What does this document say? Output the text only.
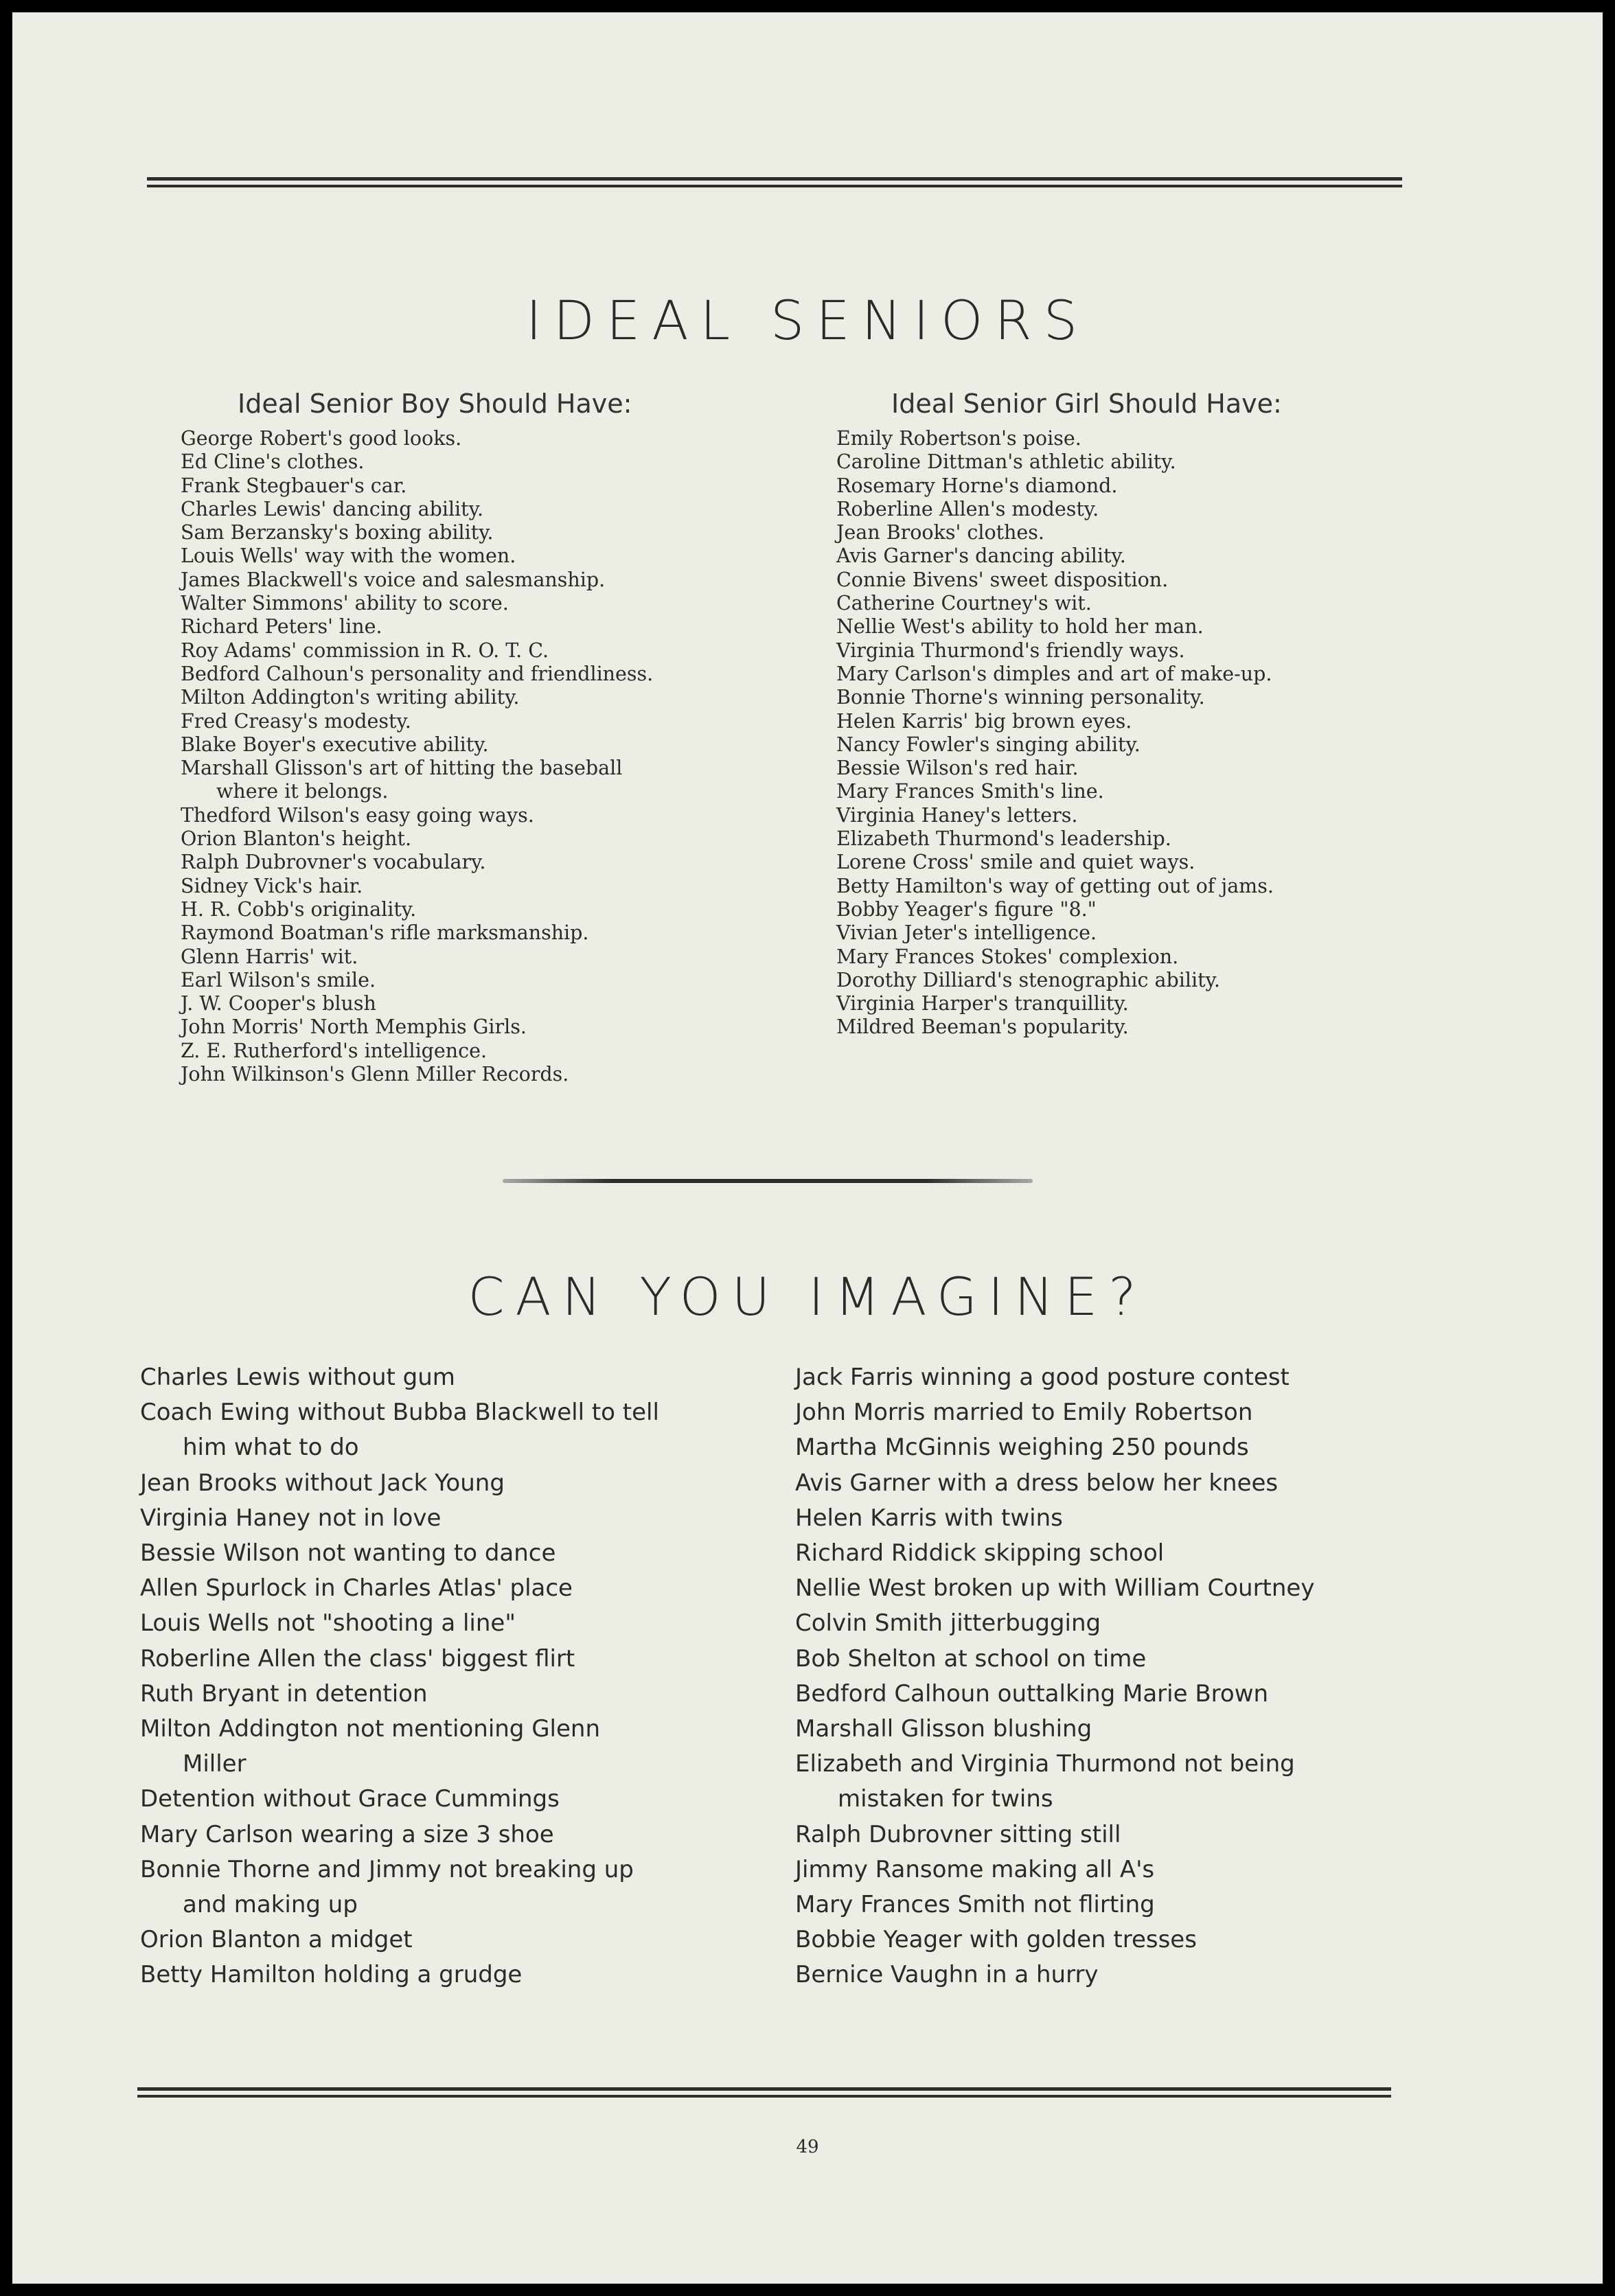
IDEAL SENIORS

Ideal Senior Boy Should Have:	Ideal Senior Girl Should Have:

George Robert's good looks.
Ed Cline's clothes.
Frank Stegbauer's car.
Charles Lewis' dancing ability.
Sam Berzansky's boxing ability.
Louis Wells' way with the women.
James Blackwell's voice and salesmanship.
Walter Simmons' ability to score.
Richard Peters' line.
Roy Adams' commission in R. O. T. C.
Bedford Calhoun's personality and friendliness.
Milton Addington's writing ability.
Fred Creasy's modesty.
Blake Boyer's executive ability.
Marshall Glisson's art of hitting the baseball
where it belongs.
Thedford Wilson's easy going ways.
Orion Blanton's height.
Ralph Dubrovner's vocabulary.
Sidney Vick's hair.
H. R. Cobb's originality.
Raymond Boatman's rifle marksmanship.
Glenn Harris' wit.
Earl Wilson's smile.
J. W. Cooper's blush
John Morris' North Memphis Girls.
Z. E. Rutherford's intelligence.
John Wilkinson's Glenn Miller Records.
Emily Robertson's poise.
Caroline Dittman's athletic ability.
Rosemary Horne's diamond.
Roberline Allen's modesty.
Jean Brooks' clothes.
Avis Garner's dancing ability.
Connie Bivens' sweet disposition.
Catherine Courtney's wit.
Nellie West's ability to hold her man.
Virginia Thurmond's friendly ways.
Mary Carlson's dimples and art of make-up.
Bonnie Thorne's winning personality.
Helen Karris' big brown eyes.
Nancy Fowler's singing ability.
Bessie Wilson's red hair.
Mary Frances Smith's line.
Virginia Haney's letters.
Elizabeth Thurmond's leadership.
Lorene Cross' smile and quiet ways.
Betty Hamilton's way of getting out of jams.
Bobby Yeager's figure "8."
Vivian Jeter's intelligence.
Mary Frances Stokes' complexion.
Dorothy Dilliard's stenographic ability.
Virginia Harper's tranquillity.
Mildred Beeman's popularity.
CAN YOU IMAGINE?
Charles Lewis without gum
Coach Ewing without Bubba Blackwell to tell
him what to do
Jean Brooks without Jack Young
Virginia Haney not in love
Bessie Wilson not wanting to dance
Allen Spurlock in Charles Atlas' place
Louis Wells not "shooting a line"
Roberline Allen the class' biggest flirt
Ruth Bryant in detention
Milton Addington not mentioning Glenn
Miller
Detention without Grace Cummings
Mary Carlson wearing a size 3 shoe
Bonnie Thorne and Jimmy not breaking up
and making up
Orion Blanton a midget
Betty Hamilton holding a grudge
Jack Farris winning a good posture contest
John Morris married to Emily Robertson
Martha McGinnis weighing 250 pounds
Avis Garner with a dress below her knees
Helen Karris with twins
Richard Riddick skipping school
Nellie West broken up with William Courtney
Colvin Smith jitterbugging
Bob Shelton at school on time
Bedford Calhoun outtalking Marie Brown
Marshall Glisson blushing
Elizabeth and Virginia Thurmond not being
mistaken for twins
Ralph Dubrovner sitting still
Jimmy Ransome making all A's
Mary Frances Smith not flirting
Bobbie Yeager with golden tresses
Bernice Vaughn in a hurry
49
